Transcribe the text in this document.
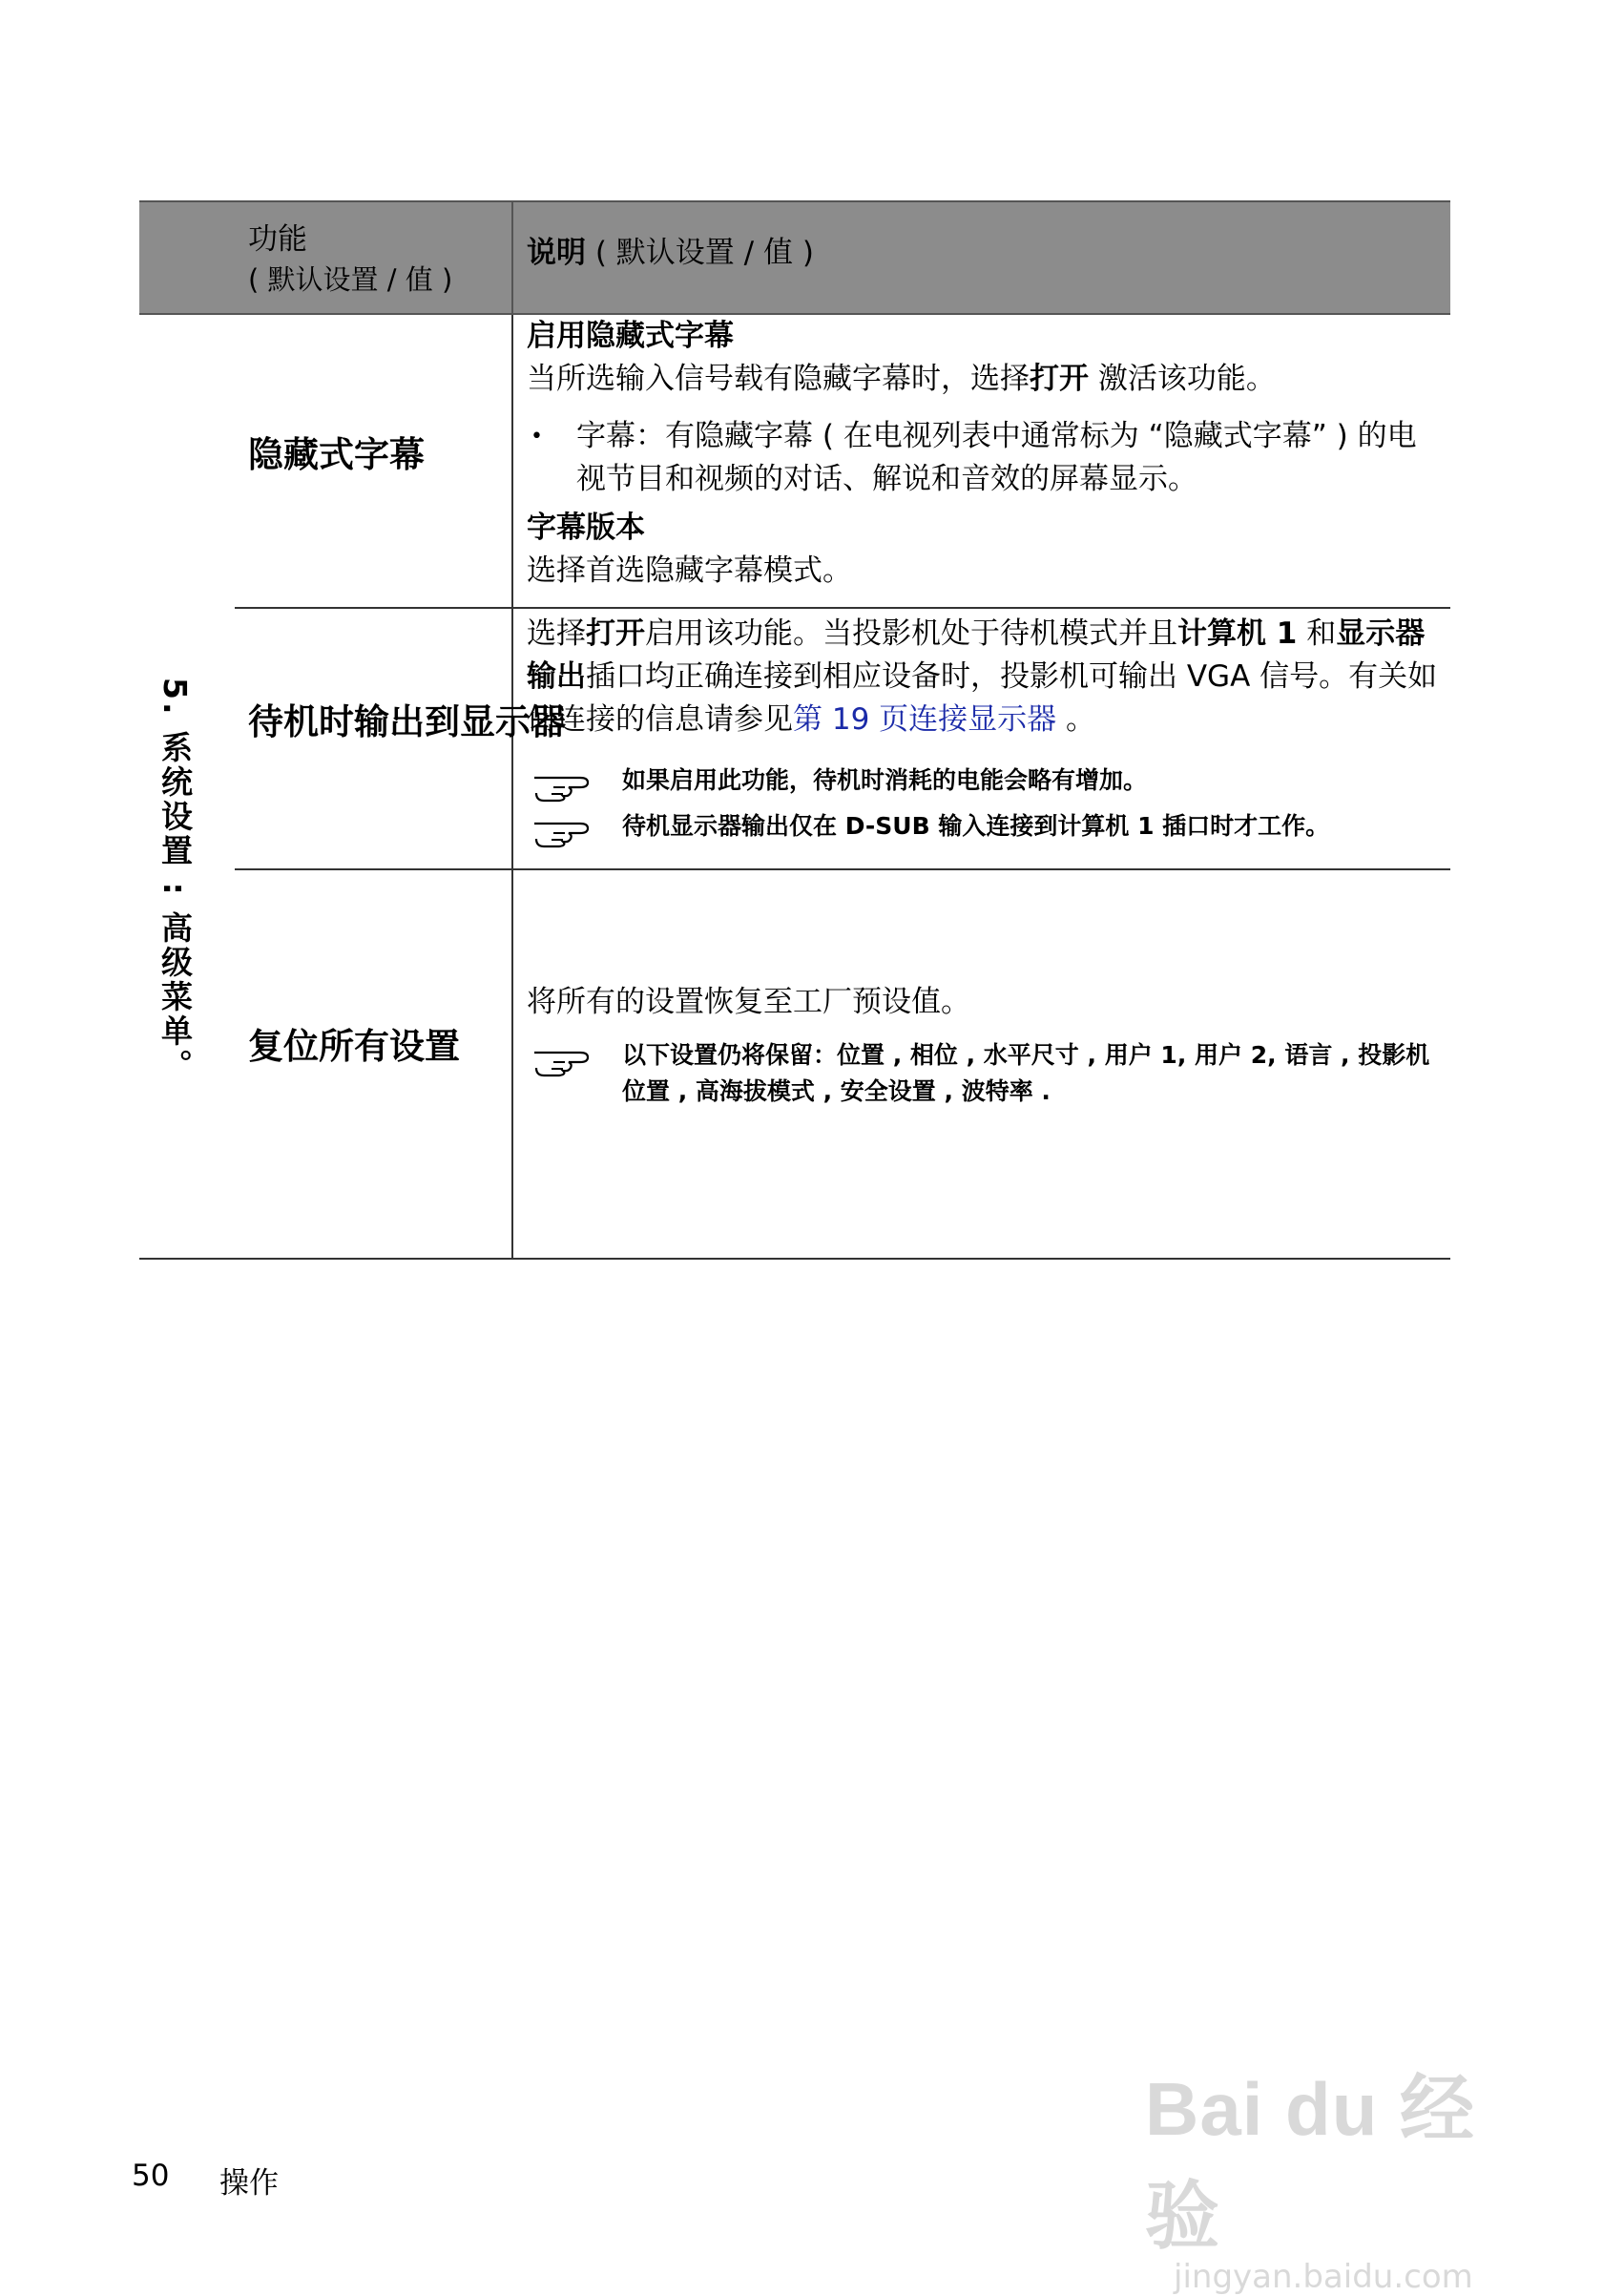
功能
( 默认设置 / 值 )
说明 ( 默认设置 / 值 )
5. 系统设置 : 高级菜单。
隐藏式字幕
启用隐藏式字幕
当所选输入信号载有隐藏字幕时，选择打开 激活该功能。
• 字幕：有隐藏字幕 ( 在电视列表中通常标为 “隐藏式字幕” ) 的电视节目和视频的对话、解说和音效的屏幕显示。
字幕版本
选择首选隐藏字幕模式。
待机时输出到显示器
选择打开启用该功能。当投影机处于待机模式并且计算机 1 和显示器输出插口均正确连接到相应设备时，投影机可输出 VGA 信号。有关如何连接的信息请参见第 19 页连接显示器 。
如果启用此功能，待机时消耗的电能会略有增加。
待机显示器输出仅在 D-SUB 输入连接到计算机 1 插口时才工作。
复位所有设置
将所有的设置恢复至工厂预设值。
以下设置仍将保留：位置 , 相位 , 水平尺寸 , 用户 1, 用户 2, 语言 , 投影机位置 , 高海拔模式 , 安全设置 , 波特率 .
50 操作
Bai du 经验
jingyan.baidu.com
